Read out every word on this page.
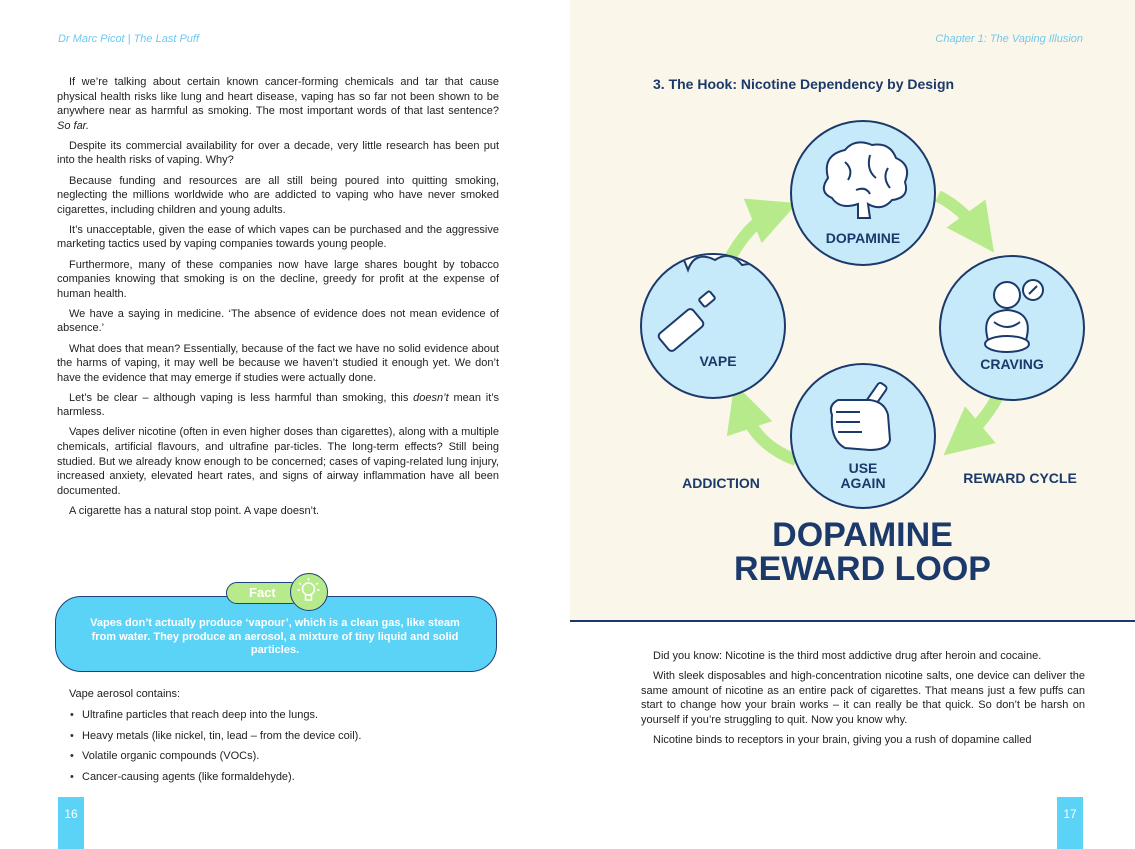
Dr Marc Picot | The Last Puff	Chapter 1: The Vaping Illusion

If we’re talking about certain known cancer-forming chemicals and tar that cause physical health risks like lung and heart disease, vaping has so far not been shown to be anywhere near as harmful as smoking. The most important words of that last sentence? So far.

Despite its commercial availability for over a decade, very little research has been put into the health risks of vaping. Why?

Because funding and resources are all still being poured into quitting smoking, neglecting the millions worldwide who are addicted to vaping who have never smoked cigarettes, including children and young adults.

It’s unacceptable, given the ease of which vapes can be purchased and the aggressive marketing tactics used by vaping companies towards young people.

Furthermore, many of these companies now have large shares bought by tobacco companies knowing that smoking is on the decline, greedy for profit at the expense of human health.

We have a saying in medicine. ‘The absence of evidence does not mean evidence of absence.’

What does that mean? Essentially, because of the fact we have no solid evidence about the harms of vaping, it may well be because we haven’t studied it enough yet. We don’t have the evidence that may emerge if studies were actually done.

Let’s be clear – although vaping is less harmful than smoking, this doesn’t mean it’s harmless.

Vapes deliver nicotine (often in even higher doses than cigarettes), along with a multiple chemicals, artificial flavours, and ultrafine par-ticles. The long-term effects? Still being studied. But we already know enough to be concerned; cases of vaping-related lung injury, increased anxiety, elevated heart rates, and signs of airway inflammation have all been documented.

A cigarette has a natural stop point. A vape doesn’t.

Vapes don’t actually produce ‘vapour’, which is a clean gas, like steam from water. They produce an aerosol, a mixture of tiny liquid and solid particles.
Fact
Vape aerosol contains:
• Ultrafine particles that reach deep into the lungs.
• Heavy metals (like nickel, tin, lead – from the device coil).
• Volatile organic compounds (VOCs).
• Cancer-causing agents (like formaldehyde).
16
3. The Hook: Nicotine Dependency by Design
DOPAMINE
CRAVING
USE
AGAIN
VAPE
ADDICTION	REWARD CYCLE
DOPAMINE
REWARD LOOP

Did you know: Nicotine is the third most addictive drug after heroin and cocaine.

With sleek disposables and high-concentration nicotine salts, one device can deliver the same amount of nicotine as an entire pack of cigarettes. That means just a few puffs can start to change how your brain works – it can really be that quick. So don’t be harsh on yourself if you’re struggling to quit. Now you know why.

Nicotine binds to receptors in your brain, giving you a rush of dopamine called

17
